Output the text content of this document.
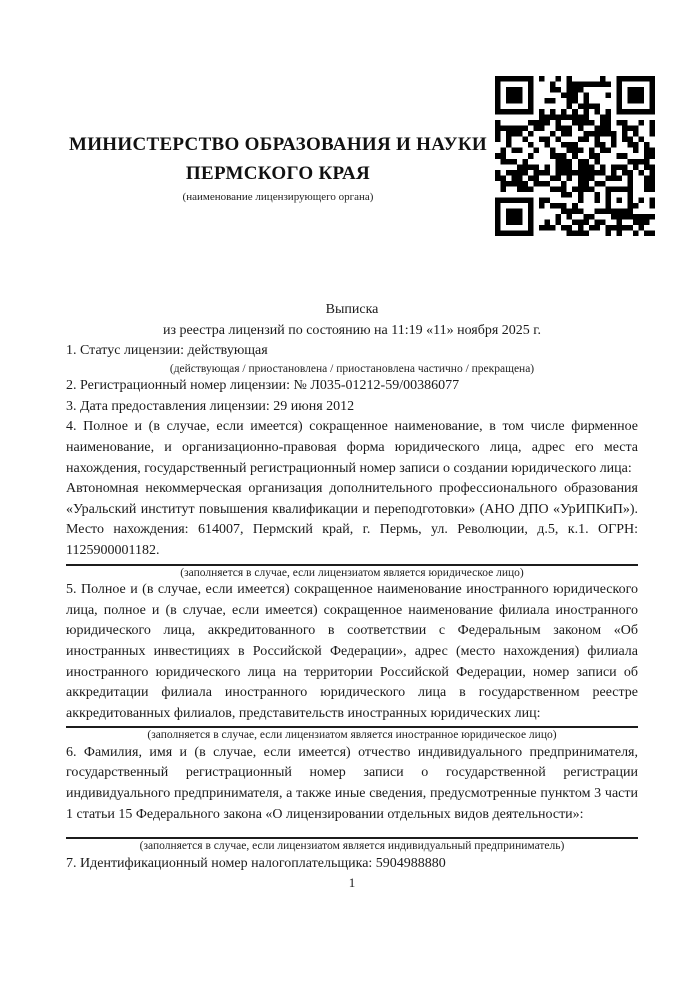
МИНИСТЕРСТВО ОБРАЗОВАНИЯ И НАУКИ
ПЕРМСКОГО КРАЯ
(наименование лицензирующего органа)
Выписка
из реестра лицензий по состоянию на 11:19 «11» ноября 2025 г.

1. Статус лицензии: действующая

(действующая / приостановлена / приостановлена частично / прекращена)

2. Регистрационный номер лицензии: № Л035-01212-59/00386077

3. Дата предоставления лицензии: 29 июня 2012

4. Полное и (в случае, если имеется) сокращенное наименование, в том числе фирменное наименование, и организационно-правовая форма юридического лица, адрес его места нахождения, государственный регистрационный номер записи о создании юридического лица:
Автономная некоммерческая организация дополнительного профессионального образования «Уральский институт повышения квалификации и переподготовки» (АНО ДПО «УрИПКиП»). Место нахождения: 614007, Пермский край, г. Пермь, ул. Революции, д.5, к.1. ОГРН: 1125900001182.
(заполняется в случае, если лицензиатом является юридическое лицо)
5. Полное и (в случае, если имеется) сокращенное наименование иностранного юридического лица, полное и (в случае, если имеется) сокращенное наименование филиала иностранного юридического лица, аккредитованного в соответствии с Федеральным законом «Об иностранных инвестициях в Российской Федерации», адрес (место нахождения) филиала иностранного юридического лица на территории Российской Федерации, номер записи об аккредитации филиала иностранного юридического лица в государственном реестре аккредитованных филиалов, представительств иностранных юридических лиц:
(заполняется в случае, если лицензиатом является иностранное юридическое лицо)

6. Фамилия, имя и (в случае, если имеется) отчество индивидуального предпринимателя, государственный регистрационный номер записи о государственной регистрации индивидуального предпринимателя, а также иные сведения, предусмотренные пунктом 3 части 1 статьи 15 Федерального закона «О лицензировании отдельных видов деятельности»:

(заполняется в случае, если лицензиатом является индивидуальный предприниматель)

7. Идентификационный номер налогоплательщика: 5904988880

1
